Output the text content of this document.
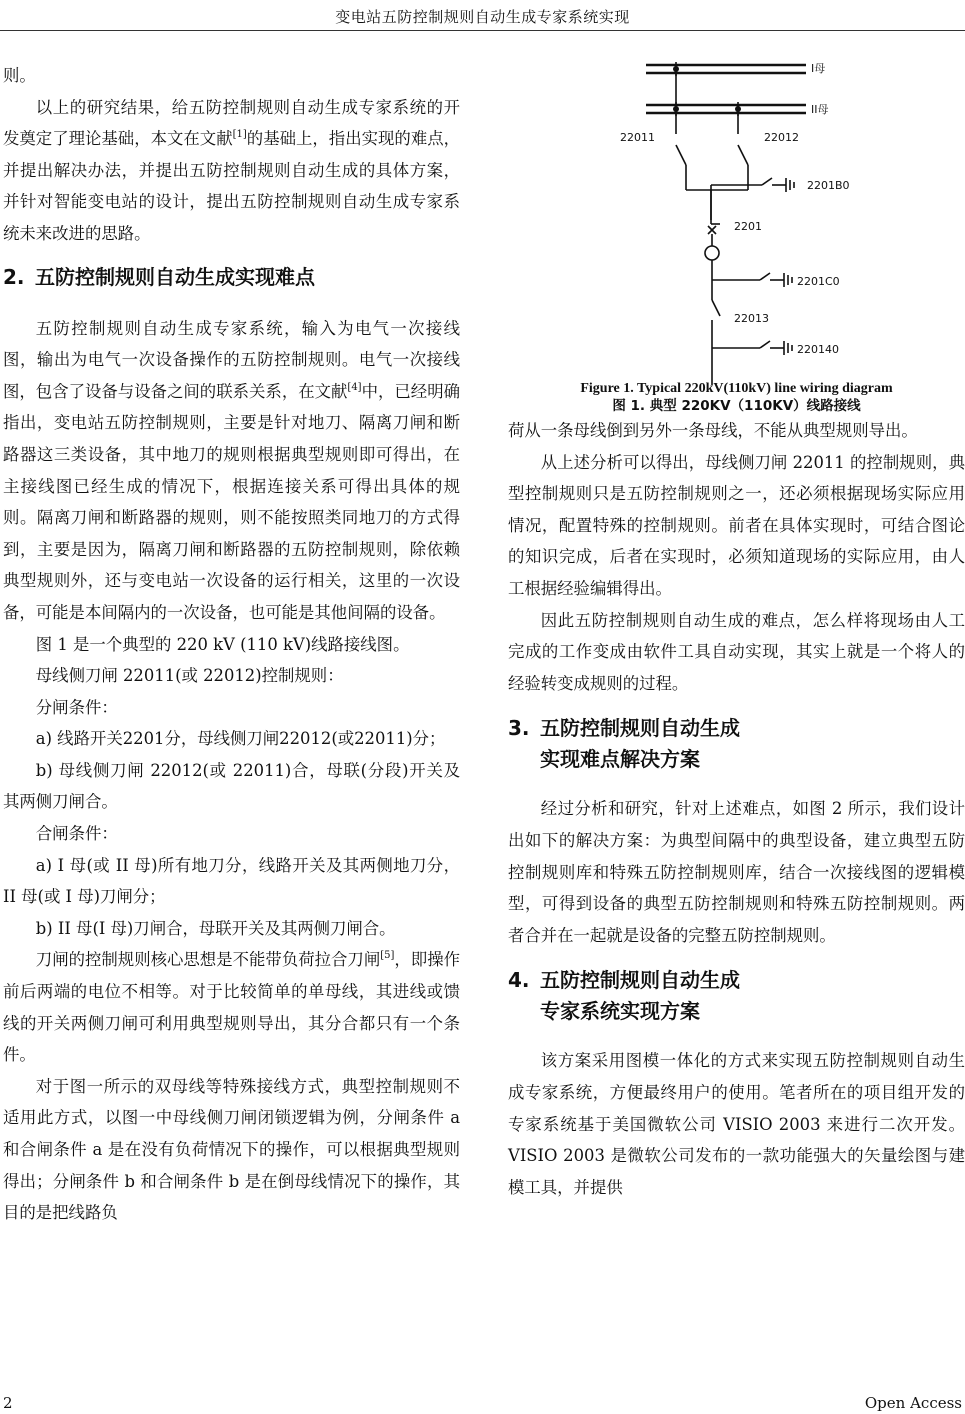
变电站五防控制规则自动生成专家系统实现

则。

以上的研究结果，给五防控制规则自动生成专家系统的开发奠定了理论基础，本文在文献[1]的基础上，指出实现的难点，并提出解决办法，并提出五防控制规则自动生成的具体方案，并针对智能变电站的设计，提出五防控制规则自动生成专家系统未来改进的思路。

2. 五防控制规则自动生成实现难点

五防控制规则自动生成专家系统，输入为电气一次接线图，输出为电气一次设备操作的五防控制规则。电气一次接线图，包含了设备与设备之间的联系关系，在文献[4]中，已经明确指出，变电站五防控制规则，主要是针对地刀、隔离刀闸和断路器这三类设备，其中地刀的规则根据典型规则即可得出，在主接线图已经生成的情况下，根据连接关系可得出具体的规则。隔离刀闸和断路器的规则，则不能按照类同地刀的方式得到，主要是因为，隔离刀闸和断路器的五防控制规则，除依赖典型规则外，还与变电站一次设备的运行相关，这里的一次设备，可能是本间隔内的一次设备，也可能是其他间隔的设备。

图 1 是一个典型的 220 kV (110 kV)线路接线图。

母线侧刀闸 22011(或 22012)控制规则：

分闸条件：

a) 线路开关2201分，母线侧刀闸22012(或22011)分；

b) 母线侧刀闸 22012(或 22011)合，母联(分段)开关及其两侧刀闸合。

合闸条件：

a) I 母(或 II 母)所有地刀分，线路开关及其两侧地刀分，II 母(或 I 母)刀闸分；

b) II 母(I 母)刀闸合，母联开关及其两侧刀闸合。

刀闸的控制规则核心思想是不能带负荷拉合刀闸[5]，即操作前后两端的电位不相等。对于比较简单的单母线，其进线或馈线的开关两侧刀闸可利用典型规则导出，其分合都只有一个条件。

对于图一所示的双母线等特殊接线方式，典型控制规则不适用此方式，以图一中母线侧刀闸闭锁逻辑为例，分闸条件 a 和合闸条件 a 是在没有负荷情况下的操作，可以根据典型规则得出；分闸条件 b 和合闸条件 b 是在倒母线情况下的操作，其目的是把线路负

I母
II母
22011	22012
2201B0
2201
2201C0
22013
220140

Figure 1. Typical 220kV(110kV) line wiring diagram

图 1. 典型 220KV（110KV）线路接线

荷从一条母线倒到另外一条母线，不能从典型规则导出。

从上述分析可以得出，母线侧刀闸 22011 的控制规则，典型控制规则只是五防控制规则之一，还必须根据现场实际应用情况，配置特殊的控制规则。前者在具体实现时，可结合图论的知识完成，后者在实现时，必须知道现场的实际应用，由人工根据经验编辑得出。

因此五防控制规则自动生成的难点，怎么样将现场由人工完成的工作变成由软件工具自动实现，其实上就是一个将人的经验转变成规则的过程。

3. 五防控制规则自动生成
实现难点解决方案

经过分析和研究，针对上述难点，如图 2 所示，我们设计出如下的解决方案：为典型间隔中的典型设备，建立典型五防控制规则库和特殊五防控制规则库，结合一次接线图的逻辑模型，可得到设备的典型五防控制规则和特殊五防控制规则。两者合并在一起就是设备的完整五防控制规则。

4. 五防控制规则自动生成
专家系统实现方案

该方案采用图模一体化的方式来实现五防控制规则自动生成专家系统，方便最终用户的使用。笔者所在的项目组开发的专家系统基于美国微软公司 VISIO 2003 来进行二次开发。VISIO 2003 是微软公司发布的一款功能强大的矢量绘图与建模工具，并提供

2	Open Access
